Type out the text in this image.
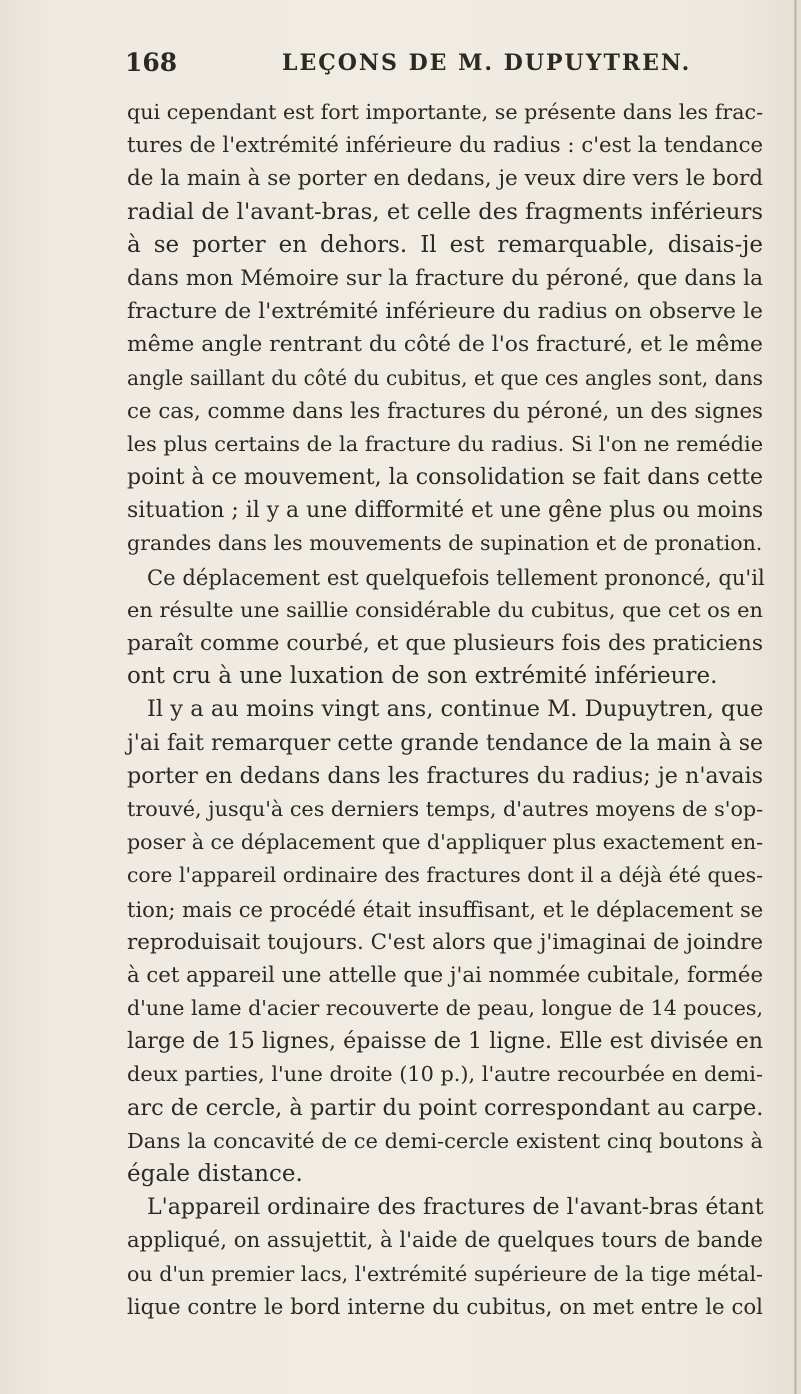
168	LEÇONS DE M. DUPUYTREN.
qui cependant est fort importante, se présente dans les frac-
tures de l'extrémité inférieure du radius : c'est la tendance
de la main à se porter en dedans, je veux dire vers le bord
radial de l'avant-bras, et celle des fragments inférieurs
à se porter en dehors. Il est remarquable, disais-je
dans mon Mémoire sur la fracture du péroné, que dans la
fracture de l'extrémité inférieure du radius on observe le
même angle rentrant du côté de l'os fracturé, et le même
angle saillant du côté du cubitus, et que ces angles sont, dans
ce cas, comme dans les fractures du péroné, un des signes
les plus certains de la fracture du radius. Si l'on ne remédie
point à ce mouvement, la consolidation se fait dans cette
situation ; il y a une difformité et une gêne plus ou moins
grandes dans les mouvements de supination et de pronation.
Ce déplacement est quelquefois tellement prononcé, qu'il
en résulte une saillie considérable du cubitus, que cet os en
paraît comme courbé, et que plusieurs fois des praticiens
ont cru à une luxation de son extrémité inférieure.
Il y a au moins vingt ans, continue M. Dupuytren, que
j'ai fait remarquer cette grande tendance de la main à se
porter en dedans dans les fractures du radius; je n'avais
trouvé, jusqu'à ces derniers temps, d'autres moyens de s'op-
poser à ce déplacement que d'appliquer plus exactement en-
core l'appareil ordinaire des fractures dont il a déjà été ques-
tion; mais ce procédé était insuffisant, et le déplacement se
reproduisait toujours. C'est alors que j'imaginai de joindre
à cet appareil une attelle que j'ai nommée cubitale, formée
d'une lame d'acier recouverte de peau, longue de 14 pouces,
large de 15 lignes, épaisse de 1 ligne. Elle est divisée en
deux parties, l'une droite (10 p.), l'autre recourbée en demi-
arc de cercle, à partir du point correspondant au carpe.
Dans la concavité de ce demi-cercle existent cinq boutons à
égale distance.
L'appareil ordinaire des fractures de l'avant-bras étant
appliqué, on assujettit, à l'aide de quelques tours de bande
ou d'un premier lacs, l'extrémité supérieure de la tige métal-
lique contre le bord interne du cubitus, on met entre le col
